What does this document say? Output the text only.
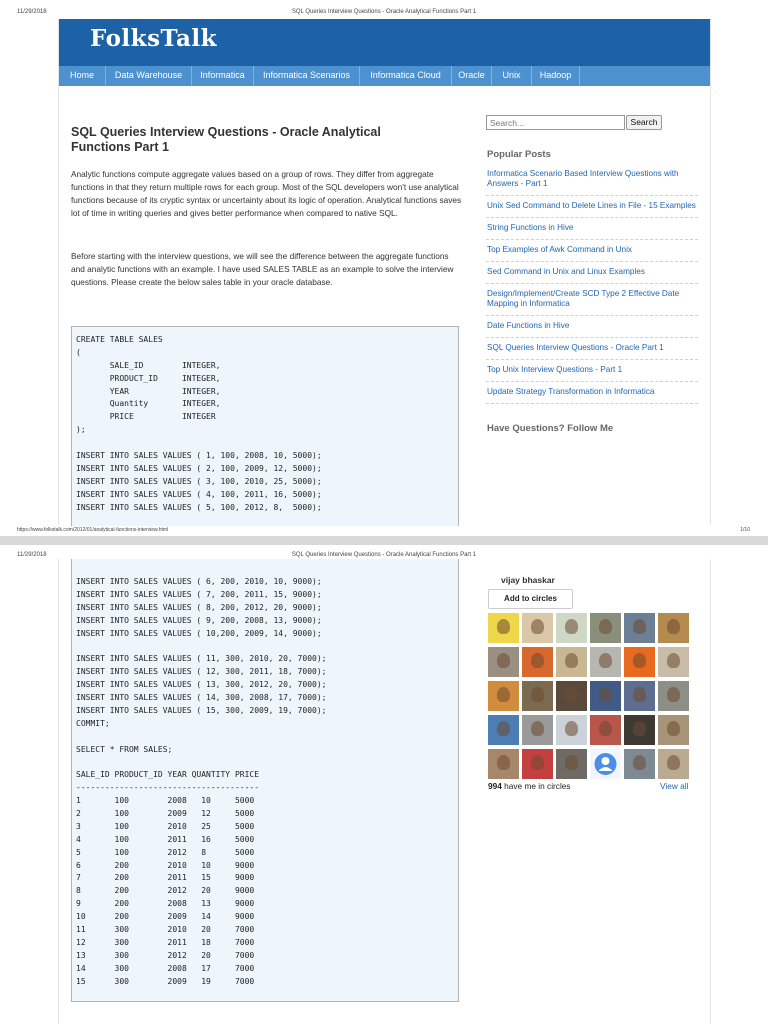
11/29/2018	SQL Queries Interview Questions - Oracle Analytical Functions Part 1
FolksTalk
Home	Data Warehouse	Informatica	Informatica Scenarios	Informatica Cloud	Oracle	Unix	Hadoop
SQL Queries Interview Questions - Oracle Analytical Functions Part 1

Analytic functions compute aggregate values based on a group of rows. They differ from aggregate functions in that they return multiple rows for each group. Most of the SQL developers won't use analytical functions because of its cryptic syntax or uncertainty about its logic of operation. Analytical functions saves lot of time in writing queries and gives better performance when compared to native SQL.

Before starting with the interview questions, we will see the difference between the aggregate functions and analytic functions with an example. I have used SALES TABLE as an example to solve the interview questions. Please create the below sales table in your oracle database.

CREATE TABLE SALES
(
SALE_ID        INTEGER,
PRODUCT_ID     INTEGER,
YEAR           INTEGER,
Quantity       INTEGER,
PRICE          INTEGER
);
INSERT INTO SALES VALUES ( 1, 100, 2008, 10, 5000);
INSERT INTO SALES VALUES ( 2, 100, 2009, 12, 5000);
INSERT INTO SALES VALUES ( 3, 100, 2010, 25, 5000);
INSERT INTO SALES VALUES ( 4, 100, 2011, 16, 5000);
INSERT INTO SALES VALUES ( 5, 100, 2012, 8,  5000);
Search...
Search
Popular Posts
Informatica Scenario Based Interview Questions with Answers - Part 1
Unix Sed Command to Delete Lines in File - 15 Examples
String Functions in Hive
Top Examples of Awk Command in Unix
Sed Command in Unix and Linux Examples
Design/Implement/Create SCD Type 2 Effective Date Mapping in Informatica
Date Functions in Hive
SQL Queries Interview Questions - Oracle Part 1
Top Unix Interview Questions - Part 1
Update Strategy Transformation in Informatica
Have Questions? Follow Me
https://www.folkstalk.com/2012/01/analytical-functions-interview.html	1/10
11/29/2018	SQL Queries Interview Questions - Oracle Analytical Functions Part 1
INSERT INTO SALES VALUES ( 6, 200, 2010, 10, 9000);
INSERT INTO SALES VALUES ( 7, 200, 2011, 15, 9000);
INSERT INTO SALES VALUES ( 8, 200, 2012, 20, 9000);
INSERT INTO SALES VALUES ( 9, 200, 2008, 13, 9000);
INSERT INTO SALES VALUES ( 10,200, 2009, 14, 9000);
INSERT INTO SALES VALUES ( 11, 300, 2010, 20, 7000);
INSERT INTO SALES VALUES ( 12, 300, 2011, 18, 7000);
INSERT INTO SALES VALUES ( 13, 300, 2012, 20, 7000);
INSERT INTO SALES VALUES ( 14, 300, 2008, 17, 7000);
INSERT INTO SALES VALUES ( 15, 300, 2009, 19, 7000);
COMMIT;
SELECT * FROM SALES;
SALE_ID PRODUCT_ID YEAR QUANTITY PRICE
--------------------------------------
1       100        2008   10     5000
2       100        2009   12     5000
3       100        2010   25     5000
4       100        2011   16     5000
5       100        2012   8      5000
6       200        2010   10     9000
7       200        2011   15     9000
8       200        2012   20     9000
9       200        2008   13     9000
10      200        2009   14     9000
11      300        2010   20     7000
12      300        2011   18     7000
13      300        2012   20     7000
14      300        2008   17     7000
15      300        2009   19     7000
vijay bhaskar
Add to circles
994 have me in circles	View all
